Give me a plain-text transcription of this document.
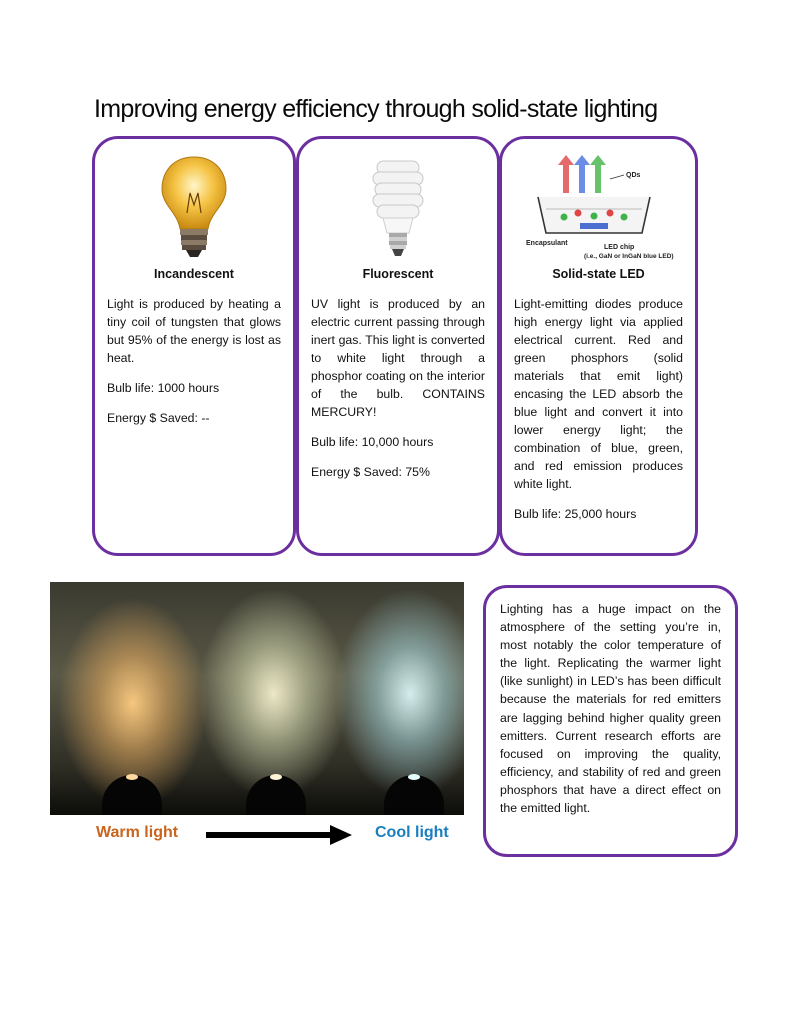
Improving energy efficiency through solid-state lighting
Incandescent

Light is produced by heating a tiny coil of tungsten that glows but 95% of the energy is lost as heat.

Bulb life: 1000 hours

Energy $ Saved: --

Fluorescent

UV light is produced by an electric current passing through inert gas. This light is converted to white light through a phosphor coating on the interior of the bulb. CONTAINS MERCURY!

Bulb life: 10,000 hours

Energy $ Saved: 75%

QDs
Encapsulant
LED chip
(i.e., GaN or InGaN blue LED)
Solid-state LED

Light-emitting diodes produce high energy light via applied electrical current. Red and green phosphors (solid materials that emit light) encasing the LED absorb the blue light and convert it into lower energy light; the combination of blue, green, and red emission produces white light.

Bulb life: 25,000 hours

Warm light	Cool light

Lighting has a huge impact on the atmosphere of the setting you’re in, most notably the color temperature of the light. Replicating the warmer light (like sunlight) in LED’s has been difficult because the materials for red emitters are lagging behind higher quality green emitters. Current research efforts are focused on improving the quality, efficiency, and stability of red and green phosphors that have a direct effect on the emitted light.
